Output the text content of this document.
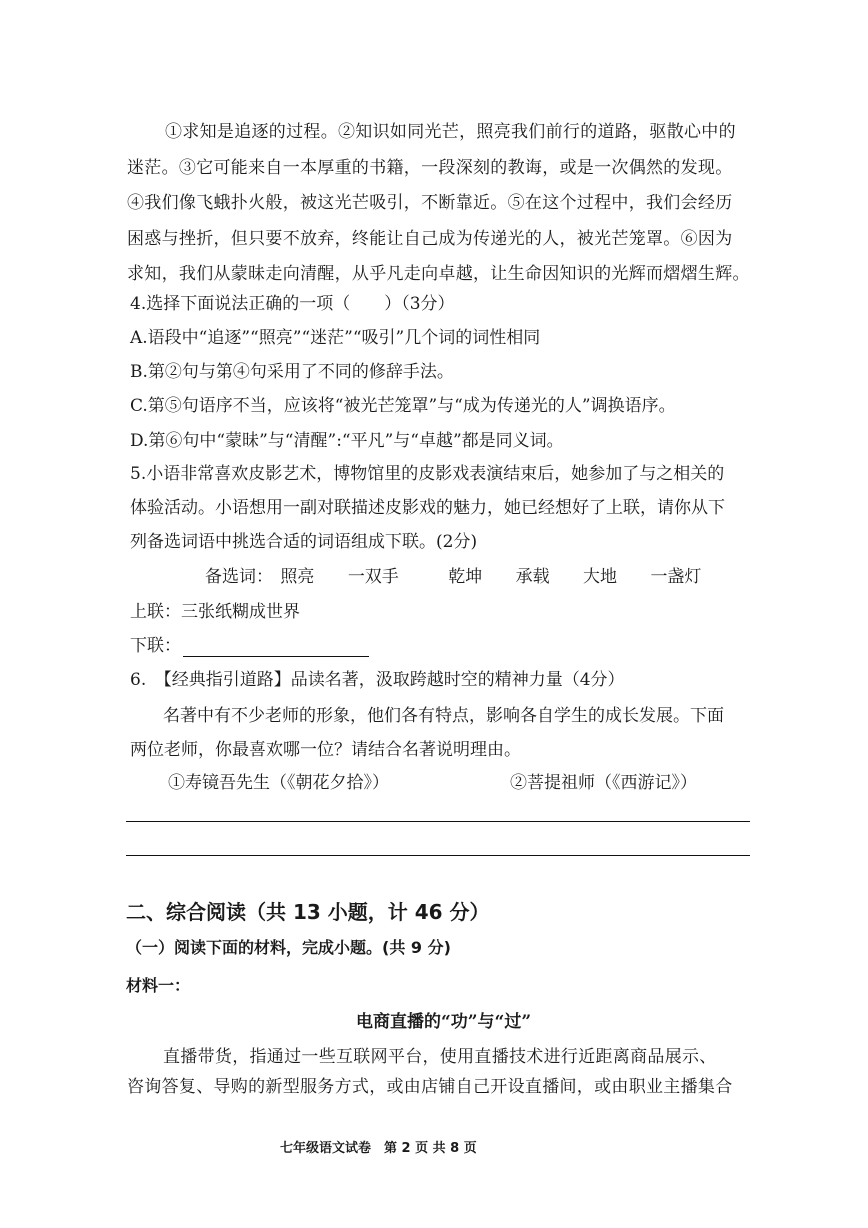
①求知是追逐的过程。②知识如同光芒，照亮我们前行的道路，驱散心中的
迷茫。③它可能来自一本厚重的书籍，一段深刻的教诲，或是一次偶然的发现。
④我们像飞蛾扑火般，被这光芒吸引，不断靠近。⑤在这个过程中，我们会经历
困惑与挫折，但只要不放弃，终能让自己成为传递光的人，被光芒笼罩。⑥因为
求知，我们从蒙昧走向清醒，从乎凡走向卓越，让生命因知识的光辉而熠熠生辉。
4.选择下面说法正确的一项（　　）（3分）
A.语段中“追逐”“照亮”“迷茫”“吸引”几个词的词性相同
B.第②句与第④句采用了不同的修辞手法。
C.第⑤句语序不当，应该将“被光芒笼罩”与“成为传递光的人”调换语序。
D.第⑥句中“蒙昧”与“清醒”:“平凡”与“卓越”都是同义词。
5.小语非常喜欢皮影艺术，博物馆里的皮影戏表演结束后，她参加了与之相关的
体验活动。小语想用一副对联描述皮影戏的魅力，她已经想好了上联，请你从下
列备选词语中挑选合适的词语组成下联。(2分)
备选词： 照亮 一双手	乾坤 承载 大地 一盏灯
上联：三张纸糊成世界
下联：
6.　【经典指引道路】品读名著，汲取跨越时空的精神力量（4分）
名著中有不少老师的形象，他们各有特点，影响各自学生的成长发展。下面
两位老师，你最喜欢哪一位？请结合名著说明理由。
①寿镜吾先生（《朝花夕拾》）	②菩提祖师（《西游记》）
二、综合阅读（共 13 小题，计 46 分）
（一）阅读下面的材料，完成小题。(共 9 分)
材料一：
电商直播的“功”与“过”
直播带货，指通过一些互联网平台，使用直播技术进行近距离商品展示、
咨询答复、导购的新型服务方式，或由店铺自己开设直播间，或由职业主播集合
七年级语文试卷　第 2 页 共 8 页
